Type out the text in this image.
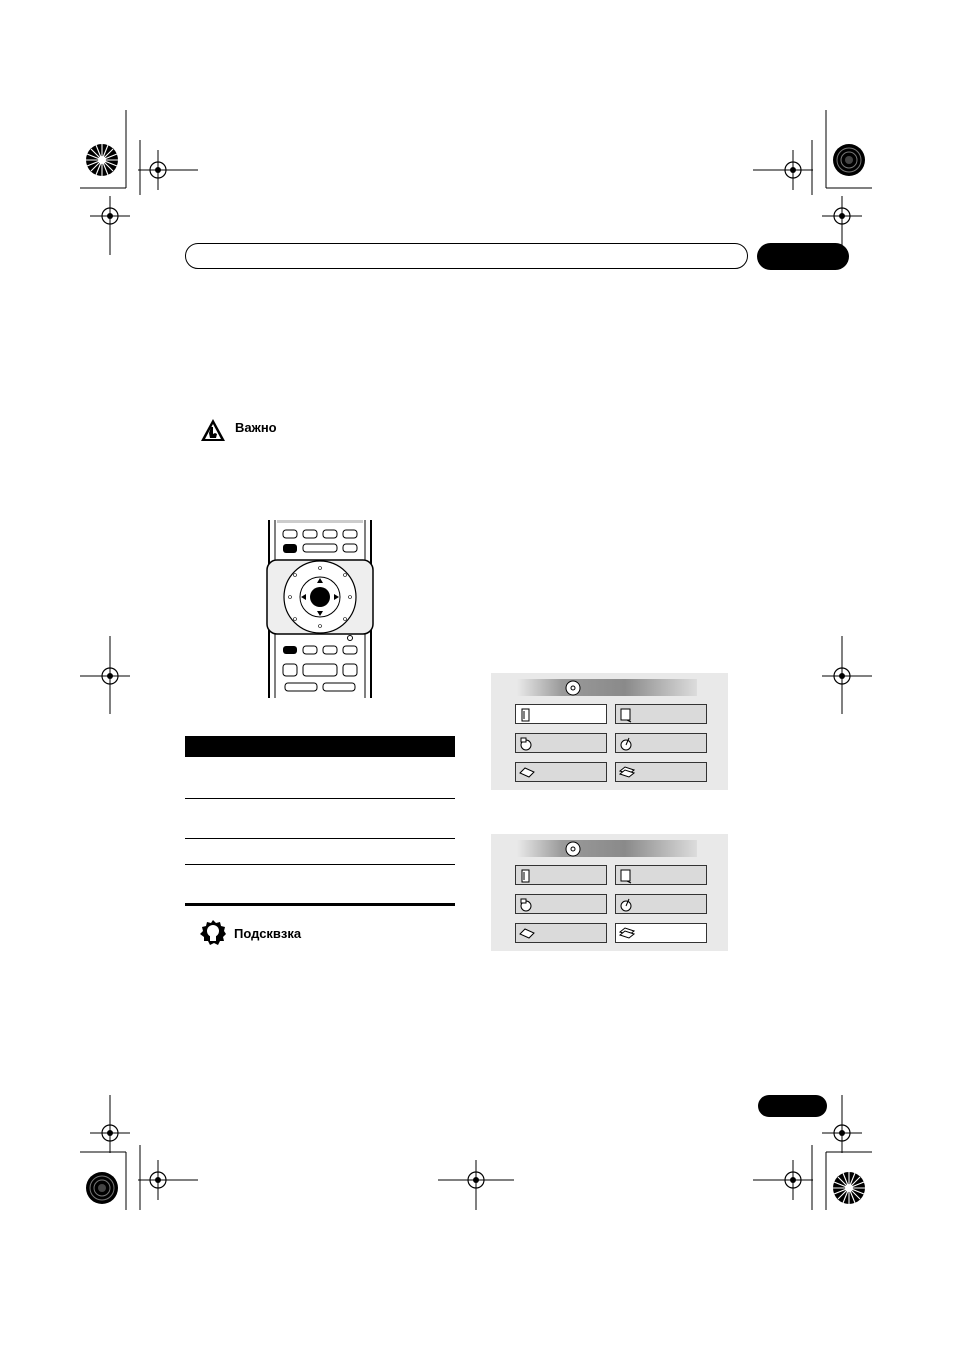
Важно
Подсквзка
